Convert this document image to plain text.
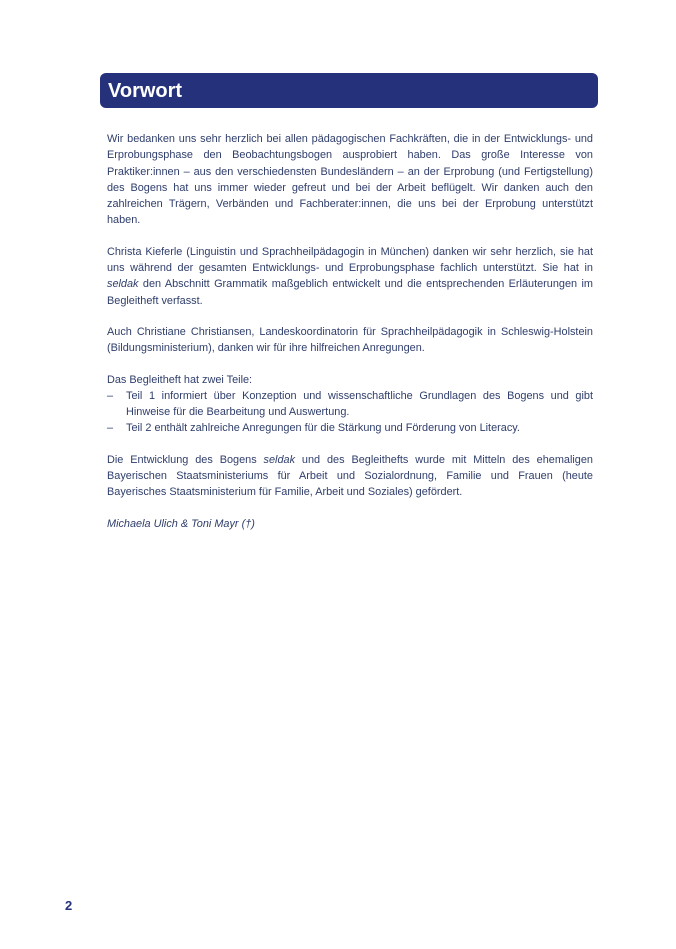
Vorwort

Wir bedanken uns sehr herzlich bei allen pädagogischen Fachkräften, die in der Entwicklungs- und Erprobungsphase den Beobachtungsbogen ausprobiert haben. Das große Interesse von Praktiker:innen – aus den verschiedensten Bundesländern – an der Erprobung (und Fertigstellung) des Bogens hat uns immer wieder gefreut und bei der Arbeit beflügelt. Wir danken auch den zahlreichen Trägern, Verbänden und Fachberater:innen, die uns bei der Erprobung unterstützt haben.

Christa Kieferle (Linguistin und Sprachheilpädagogin in München) danken wir sehr herzlich, sie hat uns während der gesamten Entwicklungs- und Erprobungsphase fachlich unterstützt. Sie hat in seldak den Abschnitt Grammatik maßgeblich entwickelt und die entsprechenden Erläuterungen im Begleitheft verfasst.

Auch Christiane Christiansen, Landeskoordinatorin für Sprachheilpädagogik in Schleswig-Holstein (Bildungsministerium), danken wir für ihre hilfreichen Anregungen.

Das Begleitheft hat zwei Teile:

– Teil 1 informiert über Konzeption und wissenschaftliche Grundlagen des Bogens und gibt Hinweise für die Bearbeitung und Auswertung.
– Teil 2 enthält zahlreiche Anregungen für die Stärkung und Förderung von Literacy.

Die Entwicklung des Bogens seldak und des Begleithefts wurde mit Mitteln des ehemaligen Bayerischen Staatsministeriums für Arbeit und Sozialordnung, Familie und Frauen (heute Bayerisches Staatsministerium für Familie, Arbeit und Soziales) gefördert.

Michaela Ulich & Toni Mayr (†)

2
